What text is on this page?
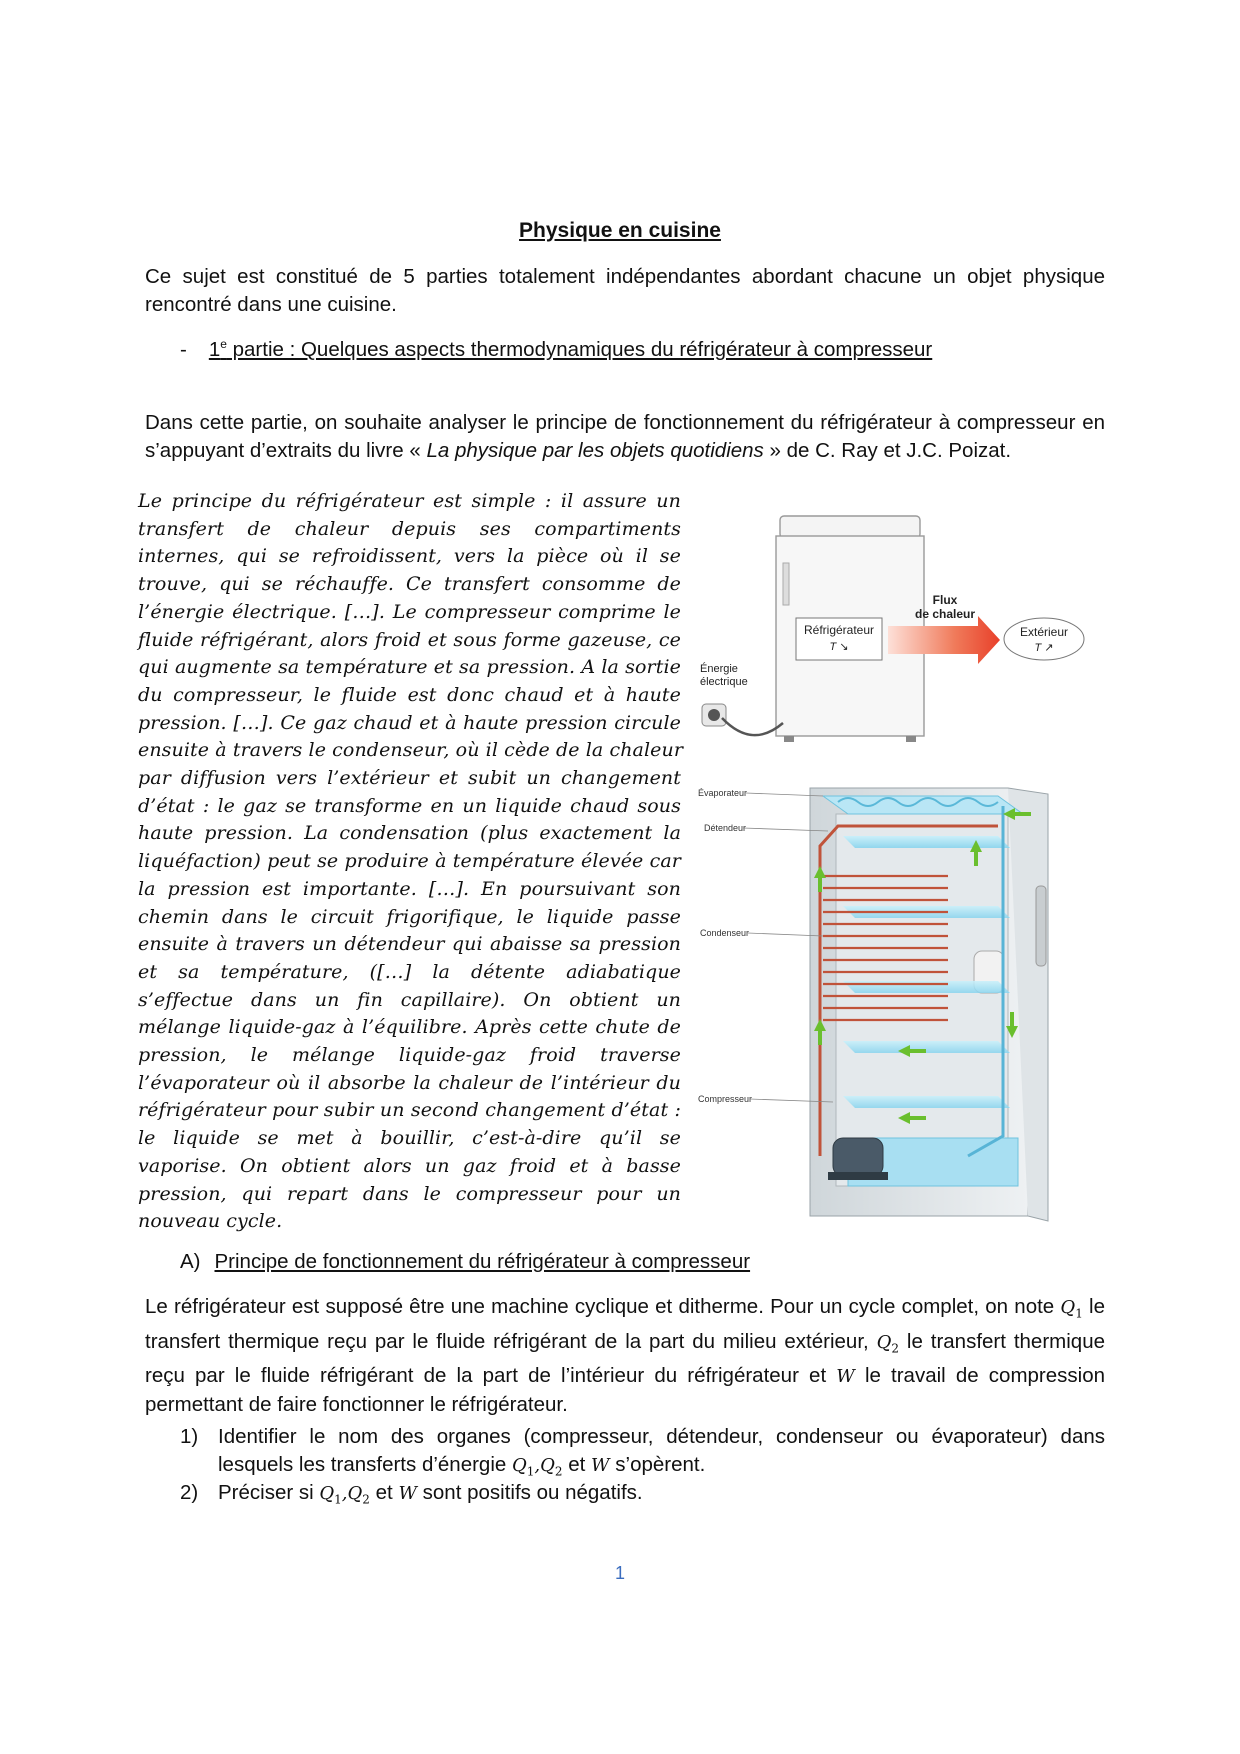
Physique en cuisine
Ce sujet est constitué de 5 parties totalement indépendantes abordant chacune un objet physique rencontré dans une cuisine.
- 1e partie : Quelques aspects thermodynamiques du réfrigérateur à compresseur
Dans cette partie, on souhaite analyser le principe de fonctionnement du réfrigérateur à compresseur en s’appuyant d’extraits du livre « La physique par les objets quotidiens » de C. Ray et J.C. Poizat.
Le principe du réfrigérateur est simple : il assure un
transfert de chaleur depuis ses compartiments
internes, qui se refroidissent, vers la pièce où il se
trouve, qui se réchauffe. Ce transfert consomme de
l’énergie électrique. […]. Le compresseur comprime le
fluide réfrigérant, alors froid et sous forme gazeuse, ce
qui augmente sa température et sa pression. A la sortie
du compresseur, le fluide est donc chaud et à haute
pression. […]. Ce gaz chaud et à haute pression circule
ensuite à travers le condenseur, où il cède de la chaleur
par diffusion vers l’extérieur et subit un changement
d’état : le gaz se transforme en un liquide chaud sous
haute pression. La condensation (plus exactement la
liquéfaction) peut se produire à température élevée car
la pression est importante. […]. En poursuivant son
chemin dans le circuit frigorifique, le liquide passe
ensuite à travers un détendeur qui abaisse sa pression
et sa température, ([…] la détente adiabatique
s’effectue dans un fin capillaire). On obtient un
mélange liquide-gaz à l’équilibre. Après cette chute de
pression, le mélange liquide-gaz froid traverse
l’évaporateur où il absorbe la chaleur de l’intérieur du
réfrigérateur pour subir un second changement d’état :
le liquide se met à bouillir, c’est-à-dire qu’il se
vaporise. On obtient alors un gaz froid et à basse
pression, qui repart dans le compresseur pour un
nouveau cycle.
Réfrigérateur
T ↘
Flux
de chaleur
Extérieur
T ↗
Énergie
électrique
Évaporateur
Détendeur
Condenseur
Compresseur
A) Principe de fonctionnement du réfrigérateur à compresseur
Le réfrigérateur est supposé être une machine cyclique et ditherme. Pour un cycle complet, on note $Q_1$ le transfert thermique reçu par le fluide réfrigérant de la part du milieu extérieur, $Q_2$ le transfert thermique reçu par le fluide réfrigérant de la part de l’intérieur du réfrigérateur et W le travail de compression permettant de faire fonctionner le réfrigérateur.
1) Identifier le nom des organes (compresseur, détendeur, condenseur ou évaporateur) dans lesquels les transferts d’énergie $Q_1,Q_2$ et W s’opèrent.
2) Préciser si $Q_1,Q_2$ et W sont positifs ou négatifs.
1
